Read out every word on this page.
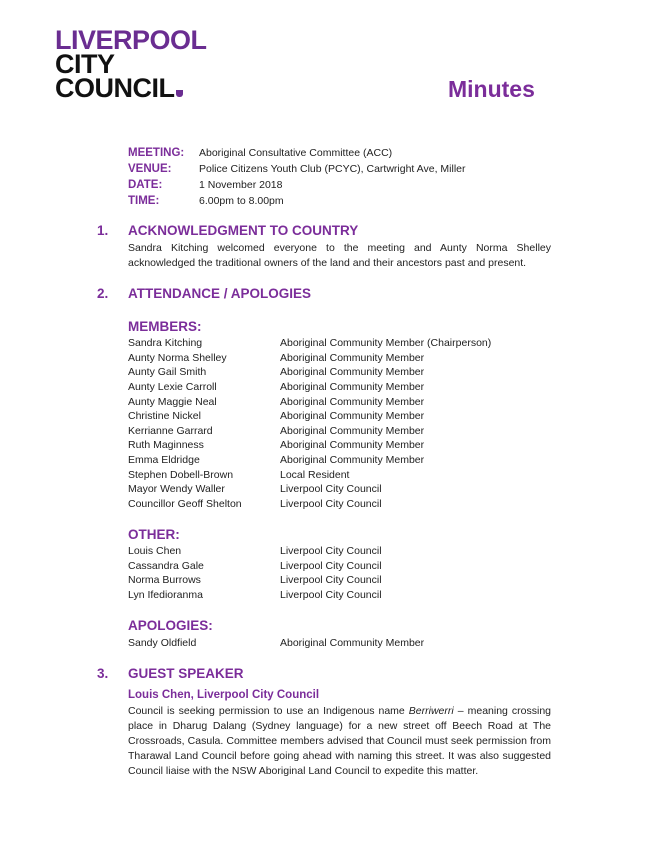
LIVERPOOL
CITY
COUNCIL	Minutes
MEETING:	Aboriginal Consultative Committee (ACC)
VENUE:	Police Citizens Youth Club (PCYC), Cartwright Ave, Miller
DATE:	1 November 2018
TIME:	6.00pm to 8.00pm
1.	ACKNOWLEDGMENT TO COUNTRY
Sandra Kitching welcomed everyone to the meeting and Aunty Norma Shelley acknowledged the traditional owners of the land and their ancestors past and present.
2.	ATTENDANCE / APOLOGIES
MEMBERS:
Sandra Kitching	Aboriginal Community Member (Chairperson)
Aunty Norma Shelley	Aboriginal Community Member
Aunty Gail Smith	Aboriginal Community Member
Aunty Lexie Carroll	Aboriginal Community Member
Aunty Maggie Neal	Aboriginal Community Member
Christine Nickel	Aboriginal Community Member
Kerrianne Garrard	Aboriginal Community Member
Ruth Maginness	Aboriginal Community Member
Emma Eldridge	Aboriginal Community Member
Stephen Dobell-Brown	Local Resident
Mayor Wendy Waller	Liverpool City Council
Councillor Geoff Shelton	Liverpool City Council
OTHER:
Louis Chen	Liverpool City Council
Cassandra Gale	Liverpool City Council
Norma Burrows	Liverpool City Council
Lyn Ifedioranma	Liverpool City Council
APOLOGIES:
Sandy Oldfield	Aboriginal Community Member
3.	GUEST SPEAKER
Louis Chen, Liverpool City Council
Council is seeking permission to use an Indigenous name Berriwerri – meaning crossing place in Dharug Dalang (Sydney language) for a new street off Beech Road at The Crossroads, Casula. Committee members advised that Council must seek permission from Tharawal Land Council before going ahead with naming this street. It was also suggested Council liaise with the NSW Aboriginal Land Council to expedite this matter.
